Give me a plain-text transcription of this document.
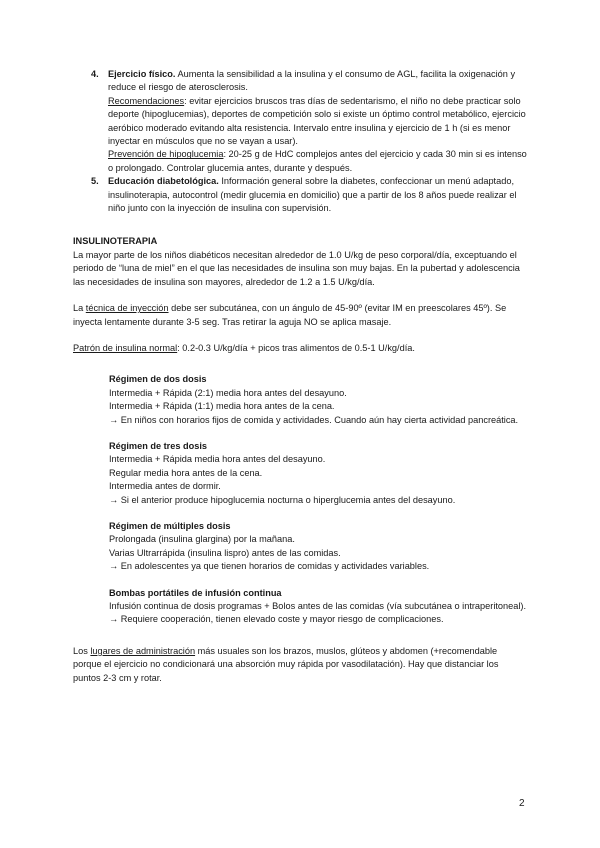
4. Ejercicio físico. Aumenta la sensibilidad a la insulina y el consumo de AGL, facilita la oxigenación y reduce el riesgo de aterosclerosis.
Recomendaciones: evitar ejercicios bruscos tras días de sedentarismo, el niño no debe practicar solo deporte (hipoglucemias), deportes de competición solo si existe un óptimo control metabólico, ejercicio aeróbico moderado evitando alta resistencia. Intervalo entre insulina y ejercicio de 1 h (si es menor inyectar en músculos que no se vayan a usar).
Prevención de hipoglucemia: 20-25 g de HdC complejos antes del ejercicio y cada 30 min si es intenso o prolongado. Controlar glucemia antes, durante y después.
5. Educación diabetológica. Información general sobre la diabetes, confeccionar un menú adaptado, insulinoterapia, autocontrol (medir glucemia en domicilio) que a partir de los 8 años puede realizar el niño junto con la inyección de insulina con supervisión.
INSULINOTERAPIA
La mayor parte de los niños diabéticos necesitan alrededor de 1.0 U/kg de peso corporal/día, exceptuando el periodo de “luna de miel” en el que las necesidades de insulina son muy bajas. En la pubertad y adolescencia las necesidades de insulina son mayores, alrededor de 1.2 a 1.5 U/kg/día.
La técnica de inyección debe ser subcutánea, con un ángulo de 45-90º (evitar IM en preescolares 45º). Se inyecta lentamente durante 3-5 seg. Tras retirar la aguja NO se aplica masaje.
Patrón de insulina normal: 0.2-0.3 U/kg/día + picos tras alimentos de 0.5-1 U/kg/día.
Régimen de dos dosis
Intermedia + Rápida (2:1) media hora antes del desayuno.
Intermedia + Rápida (1:1) media hora antes de la cena.
→ En niños con horarios fijos de comida y actividades. Cuando aún hay cierta actividad pancreática.
Régimen de tres dosis
Intermedia + Rápida media hora antes del desayuno.
Regular media hora antes de la cena.
Intermedia antes de dormir.
→ Si el anterior produce hipoglucemia nocturna o hiperglucemia antes del desayuno.
Régimen de múltiples dosis
Prolongada (insulina glargina) por la mañana.
Varias Ultrarrápida (insulina lispro) antes de las comidas.
→ En adolescentes ya que tienen horarios de comidas y actividades variables.
Bombas portátiles de infusión continua
Infusión continua de dosis programas + Bolos antes de las comidas (vía subcutánea o intraperitoneal).
→ Requiere cooperación, tienen elevado coste y mayor riesgo de complicaciones.
Los lugares de administración más usuales son los brazos, muslos, glúteos y abdomen (+recomendable porque el ejercicio no condicionará una absorción muy rápida por vasodilatación). Hay que distanciar los puntos 2-3 cm y rotar.
2
